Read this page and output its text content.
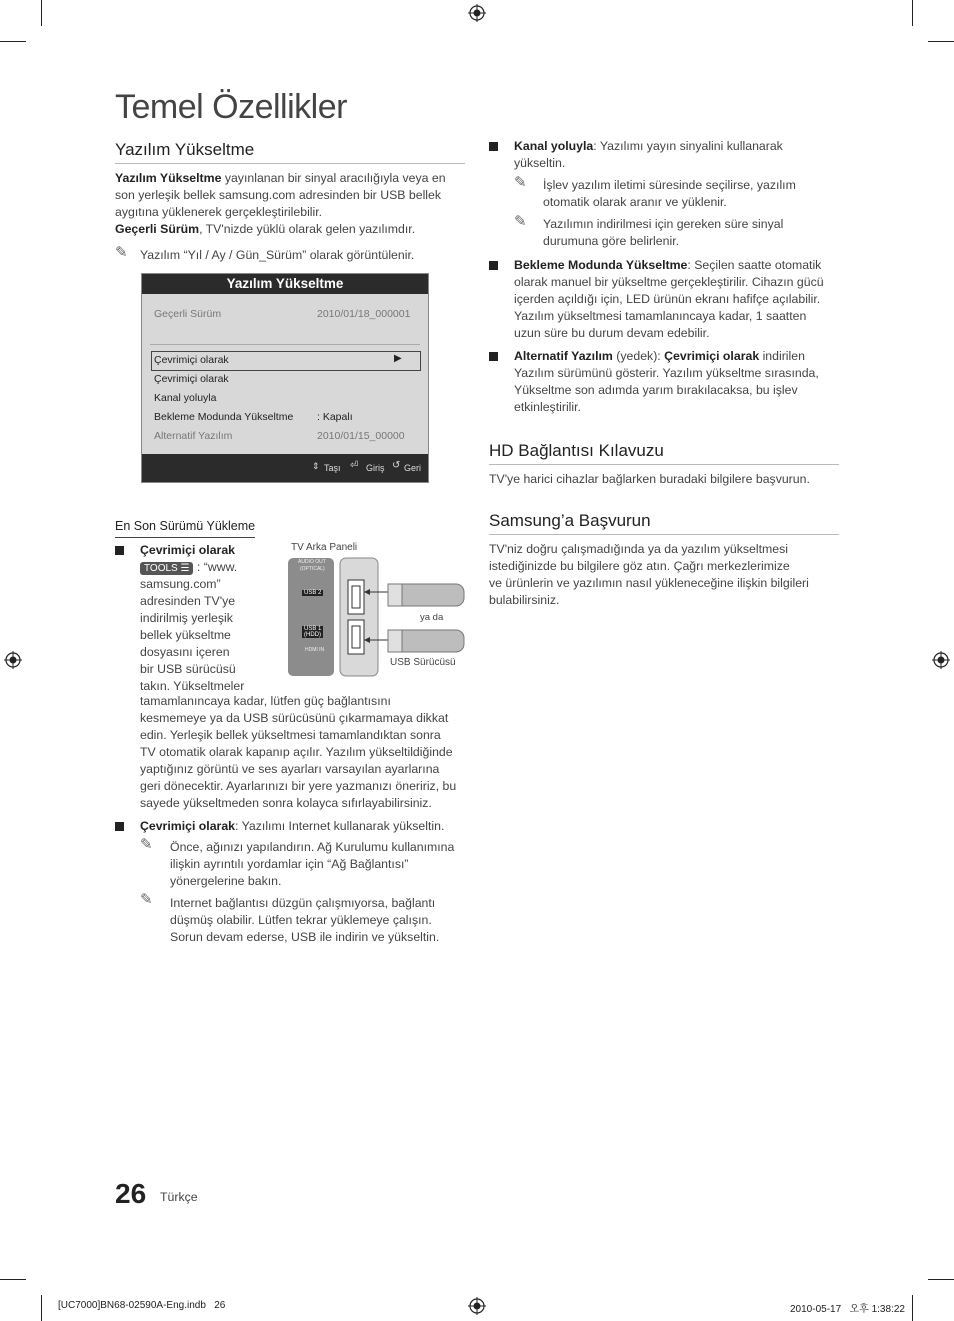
Temel Özellikler
Yazılım Yükseltme
Yazılım Yükseltme yayınlanan bir sinyal aracılığıyla veya en
son yerleşik bellek samsung.com adresinden bir USB bellek
aygıtına yüklenerek gerçekleştirilebilir.
Geçerli Sürüm, TV'nizde yüklü olarak gelen yazılımdır.
✎ Yazılım “Yıl / Ay / Gün_Sürüm” olarak görüntülenir.
Yazılım Yükseltme
Geçerli Sürüm	2010/01/18_000001
Çevrimiçi olarak	▶
Çevrimiçi olarak
Kanal yoluyla
Bekleme Modunda Yükseltme : Kapalı
Alternatif Yazılım	2010/01/15_00000
⇕ Taşı ⏎ Giriş ↺ Geri
En Son Sürümü Yükleme
Çevrimiçi olarak
TOOLS ☰ : “www.
samsung.com”
adresinden TV'ye
indirilmiş yerleşik
bellek yükseltme
dosyasını içeren
bir USB sürücüsü
takın. Yükseltmeler
tamamlanıncaya kadar, lütfen güç bağlantısını
kesmemeye ya da USB sürücüsünü çıkarmamaya dikkat
edin. Yerleşik bellek yükseltmesi tamamlandıktan sonra
TV otomatik olarak kapanıp açılır. Yazılım yükseltildiğinde
yaptığınız görüntü ve ses ayarları varsayılan ayarlarına
geri dönecektir. Ayarlarınızı bir yere yazmanızı öneririz, bu
sayede yükseltmeden sonra kolayca sıfırlayabilirsiniz.
TV Arka Paneli
AUDIO OUT
(OPTICAL)
USB 2
USB 1
(HDD)
HDMI IN
ya da
USB Sürücüsü
Çevrimiçi olarak: Yazılımı Internet kullanarak yükseltin.
✎ Önce, ağınızı yapılandırın. Ağ Kurulumu kullanımına
ilişkin ayrıntılı yordamlar için “Ağ Bağlantısı”
yönergelerine bakın.
✎ Internet bağlantısı düzgün çalışmıyorsa, bağlantı
düşmüş olabilir. Lütfen tekrar yüklemeye çalışın.
Sorun devam ederse, USB ile indirin ve yükseltin.
Kanal yoluyla: Yazılımı yayın sinyalini kullanarak
yükseltin.
✎ İşlev yazılım iletimi süresinde seçilirse, yazılım
otomatik olarak aranır ve yüklenir.
✎ Yazılımın indirilmesi için gereken süre sinyal
durumuna göre belirlenir.
Bekleme Modunda Yükseltme: Seçilen saatte otomatik
olarak manuel bir yükseltme gerçekleştirilir. Cihazın gücü
içerden açıldığı için, LED ürünün ekranı hafifçe açılabilir.
Yazılım yükseltmesi tamamlanıncaya kadar, 1 saatten
uzun süre bu durum devam edebilir.
Alternatif Yazılım (yedek): Çevrimiçi olarak indirilen
Yazılım sürümünü gösterir. Yazılım yükseltme sırasında,
Yükseltme son adımda yarım bırakılacaksa, bu işlev
etkinleştirilir.
HD Bağlantısı Kılavuzu
TV'ye harici cihazlar bağlarken buradaki bilgilere başvurun.
Samsung’a Başvurun
TV'niz doğru çalışmadığında ya da yazılım yükseltmesi
istediğinizde bu bilgilere göz atın. Çağrı merkezlerimize
ve ürünlerin ve yazılımın nasıl yükleneceğine ilişkin bilgileri
bulabilirsiniz.
26 Türkçe
[UC7000]BN68-02590A-Eng.indb   26	2010-05-17   오후 1:38:22
